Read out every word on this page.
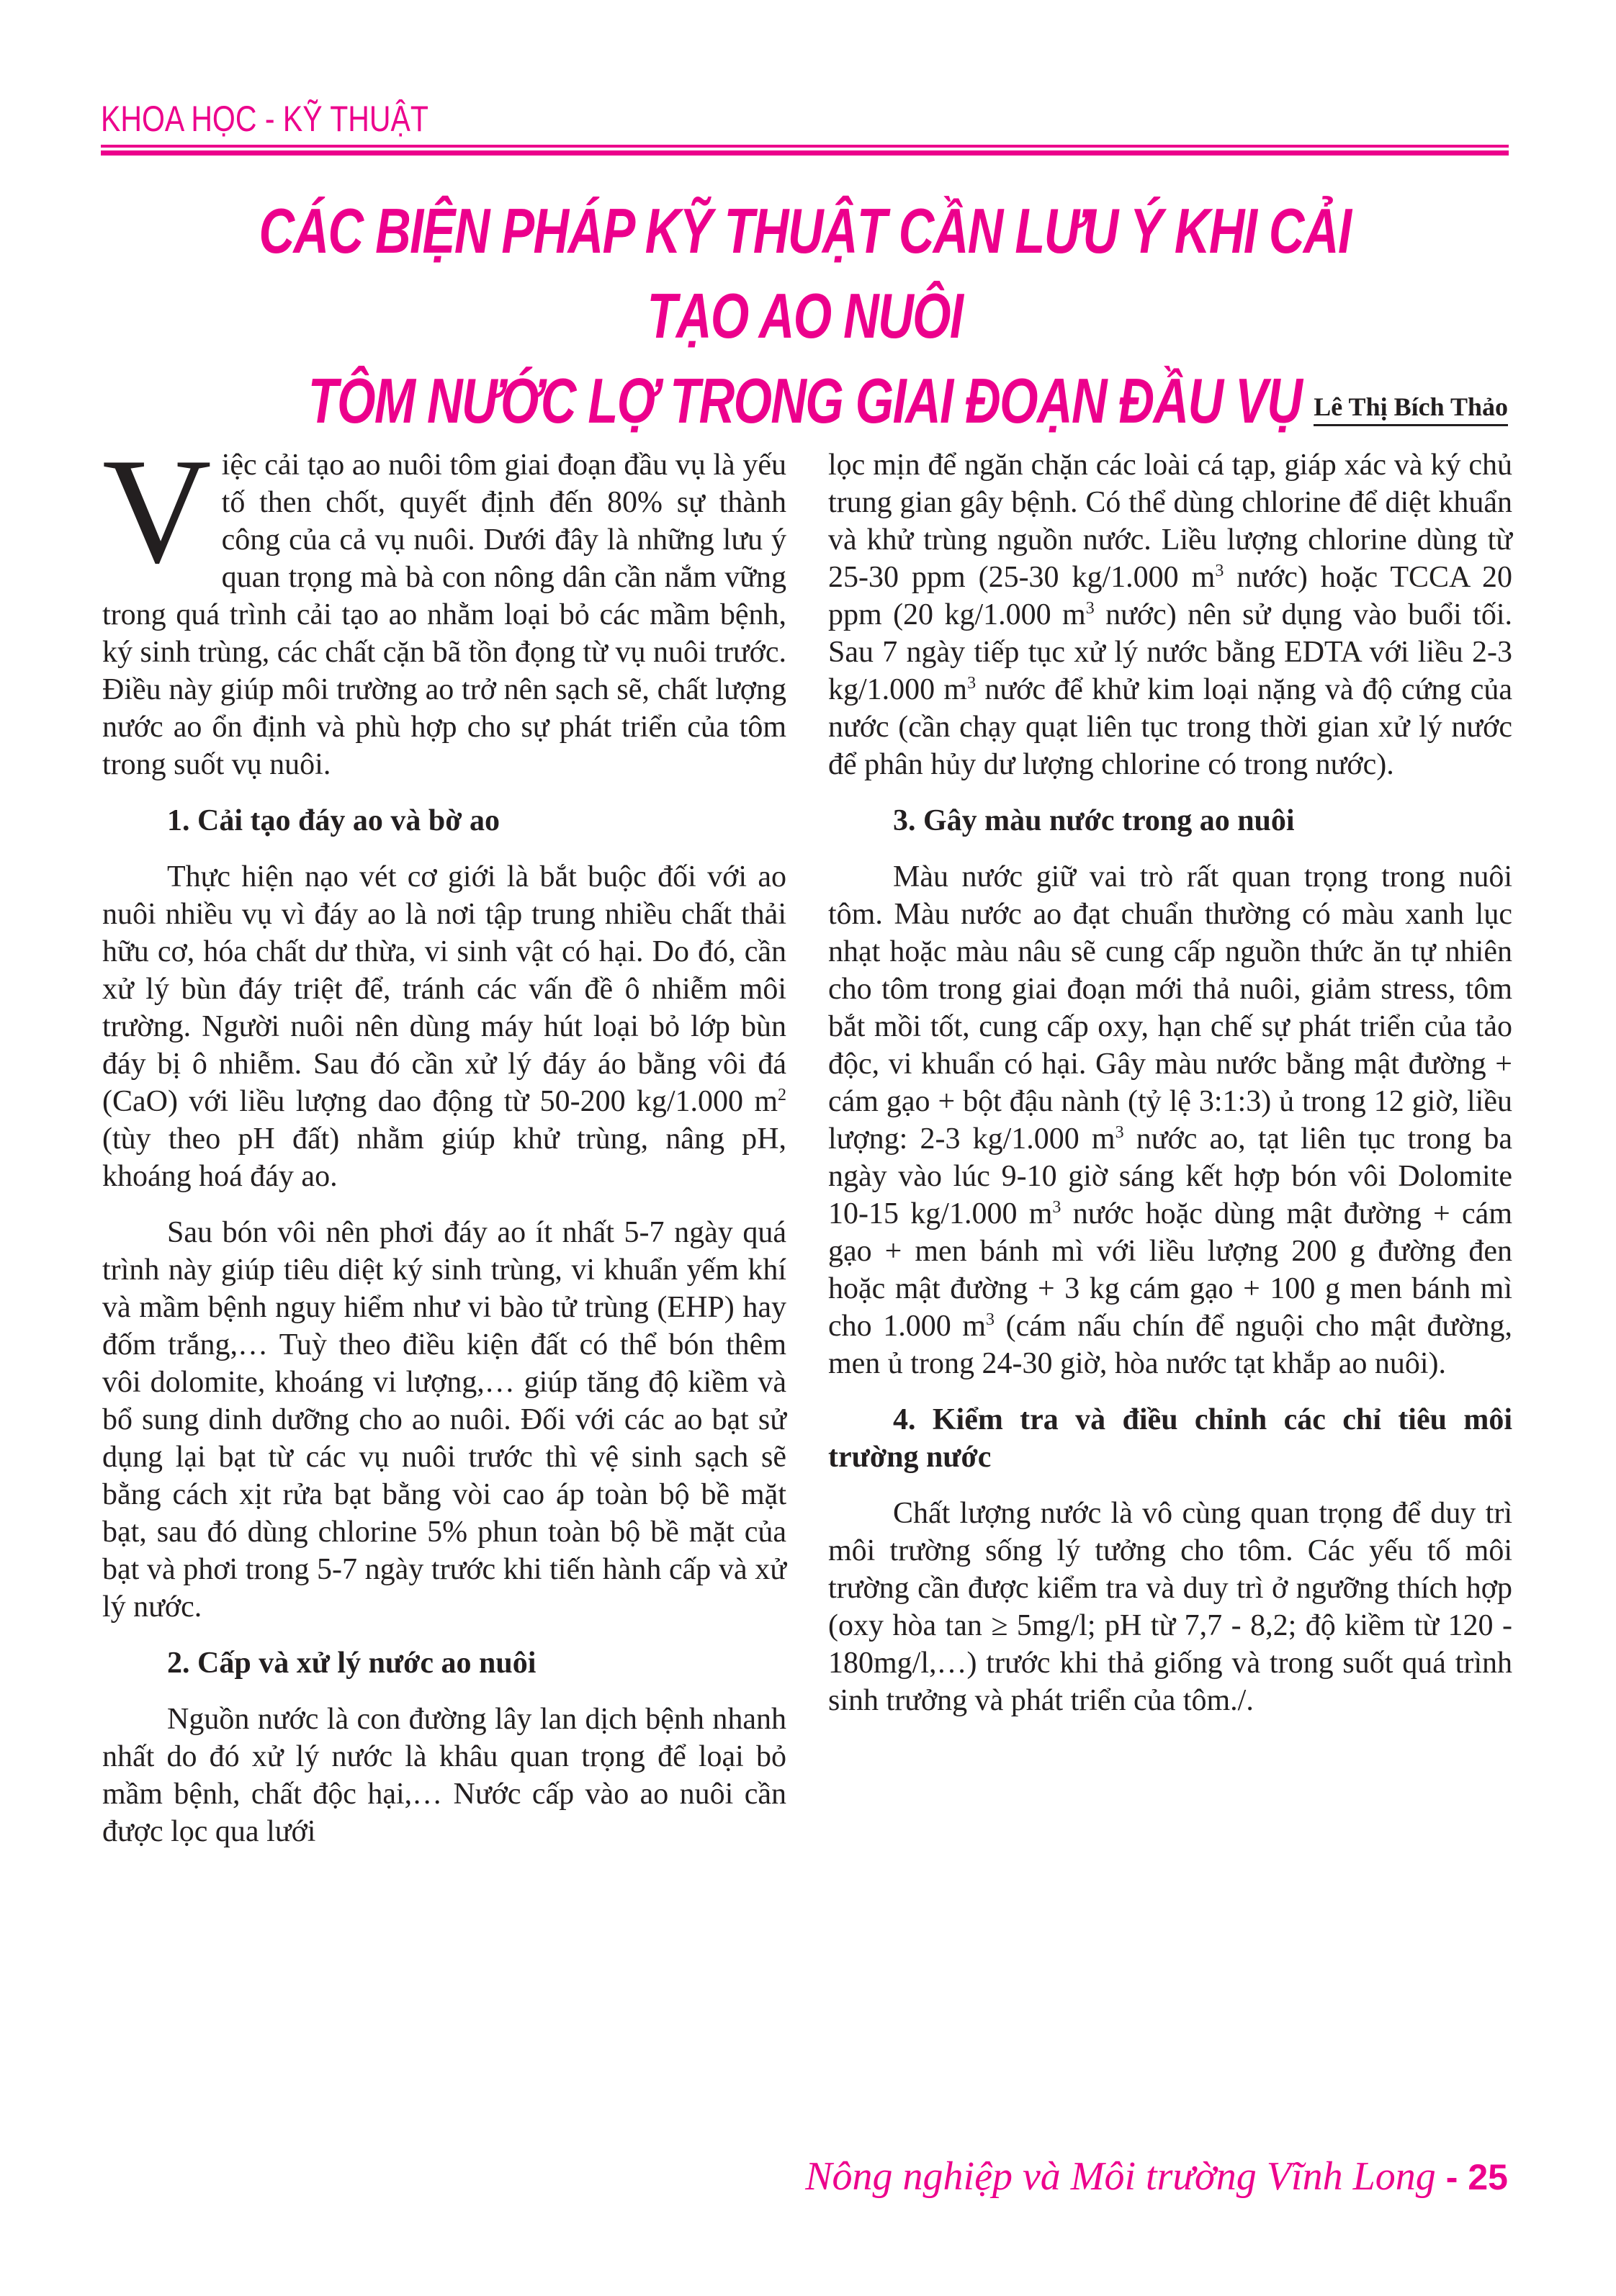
KHOA HỌC - KỸ THUẬT
CÁC BIỆN PHÁP KỸ THUẬT CẦN LƯU Ý KHI CẢI TẠO AO NUÔI
TÔM NƯỚC LỢ TRONG GIAI ĐOẠN ĐẦU VỤ Lê Thị Bích Thảo

Việc cải tạo ao nuôi tôm giai đoạn đầu vụ là yếu tố then chốt, quyết định đến 80% sự thành công của cả vụ nuôi. Dưới đây là những lưu ý quan trọng mà bà con nông dân cần nắm vững trong quá trình cải tạo ao nhằm loại bỏ các mầm bệnh, ký sinh trùng, các chất cặn bã tồn đọng từ vụ nuôi trước. Điều này giúp môi trường ao trở nên sạch sẽ, chất lượng nước ao ổn định và phù hợp cho sự phát triển của tôm trong suốt vụ nuôi.

1. Cải tạo đáy ao và bờ ao

Thực hiện nạo vét cơ giới là bắt buộc đối với ao nuôi nhiều vụ vì đáy ao là nơi tập trung nhiều chất thải hữu cơ, hóa chất dư thừa, vi sinh vật có hại. Do đó, cần xử lý bùn đáy triệt để, tránh các vấn đề ô nhiễm môi trường. Người nuôi nên dùng máy hút loại bỏ lớp bùn đáy bị ô nhiễm. Sau đó cần xử lý đáy áo bằng vôi đá (CaO) với liều lượng dao động từ 50-200 kg/1.000 $m^2$ (tùy theo pH đất) nhằm giúp khử trùng, nâng pH, khoáng hoá đáy ao.

Sau bón vôi nên phơi đáy ao ít nhất 5-7 ngày quá trình này giúp tiêu diệt ký sinh trùng, vi khuẩn yếm khí và mầm bệnh nguy hiểm như vi bào tử trùng (EHP) hay đốm trắng,… Tuỳ theo điều kiện đất có thể bón thêm vôi dolomite, khoáng vi lượng,… giúp tăng độ kiềm và bổ sung dinh dưỡng cho ao nuôi. Đối với các ao bạt sử dụng lại bạt từ các vụ nuôi trước thì vệ sinh sạch sẽ bằng cách xịt rửa bạt bằng vòi cao áp toàn bộ bề mặt bạt, sau đó dùng chlorine 5% phun toàn bộ bề mặt của bạt và phơi trong 5-7 ngày trước khi tiến hành cấp và xử lý nước.

2. Cấp và xử lý nước ao nuôi

Nguồn nước là con đường lây lan dịch bệnh nhanh nhất do đó xử lý nước là khâu quan trọng để loại bỏ mầm bệnh, chất độc hại,… Nước cấp vào ao nuôi cần được lọc qua lưới

lọc mịn để ngăn chặn các loài cá tạp, giáp xác và ký chủ trung gian gây bệnh. Có thể dùng chlorine để diệt khuẩn và khử trùng nguồn nước. Liều lượng chlorine dùng từ 25-30 ppm (25-30 kg/1.000 $m^3$ nước) hoặc TCCA 20 ppm (20 kg/1.000 $m^3$ nước) nên sử dụng vào buổi tối. Sau 7 ngày tiếp tục xử lý nước bằng EDTA với liều 2-3 kg/1.000 $m^3$ nước để khử kim loại nặng và độ cứng của nước (cần chạy quạt liên tục trong thời gian xử lý nước để phân hủy dư lượng chlorine có trong nước).

3. Gây màu nước trong ao nuôi

Màu nước giữ vai trò rất quan trọng trong nuôi tôm. Màu nước ao đạt chuẩn thường có màu xanh lục nhạt hoặc màu nâu sẽ cung cấp nguồn thức ăn tự nhiên cho tôm trong giai đoạn mới thả nuôi, giảm stress, tôm bắt mồi tốt, cung cấp oxy, hạn chế sự phát triển của tảo độc, vi khuẩn có hại. Gây màu nước bằng mật đường + cám gạo + bột đậu nành (tỷ lệ 3:1:3) ủ trong 12 giờ, liều lượng: 2-3 kg/1.000 $m^3$ nước ao, tạt liên tục trong ba ngày vào lúc 9-10 giờ sáng kết hợp bón vôi Dolomite 10-15 kg/1.000 $m^3$ nước hoặc dùng mật đường + cám gạo + men bánh mì với liều lượng 200 g đường đen hoặc mật đường + 3 kg cám gạo + 100 g men bánh mì cho 1.000 $m^3$ (cám nấu chín để nguội cho mật đường, men ủ trong 24-30 giờ, hòa nước tạt khắp ao nuôi).

4. Kiểm tra và điều chỉnh các chỉ tiêu môi trường nước

Chất lượng nước là vô cùng quan trọng để duy trì môi trường sống lý tưởng cho tôm. Các yếu tố môi trường cần được kiểm tra và duy trì ở ngưỡng thích hợp (oxy hòa tan ≥ 5mg/l; pH từ 7,7 - 8,2; độ kiềm từ 120 - 180mg/l,…) trước khi thả giống và trong suốt quá trình sinh trưởng và phát triển của tôm./.

Nông nghiệp và Môi trường Vĩnh Long - 25
